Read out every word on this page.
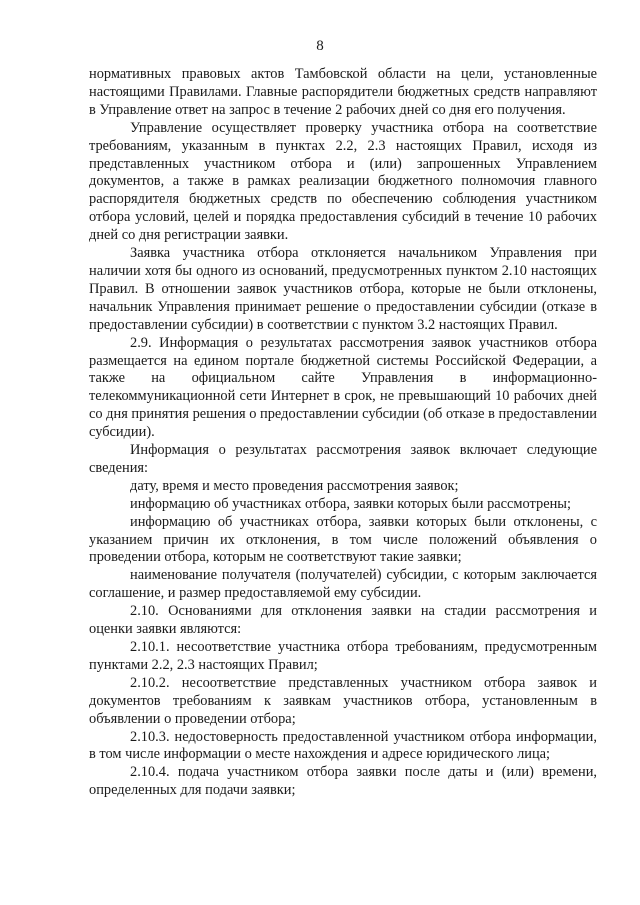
8

нормативных правовых актов Тамбовской области на цели, установленные настоящими Правилами. Главные распорядители бюджетных средств направляют в Управление ответ на запрос в течение 2 рабочих дней со дня его получения.

Управление осуществляет проверку участника отбора на соответствие требованиям, указанным в пунктах 2.2, 2.3 настоящих Правил, исходя из представленных участником отбора и (или) запрошенных Управлением документов, а также в рамках реализации бюджетного полномочия главного распорядителя бюджетных средств по обеспечению соблюдения участником отбора условий, целей и порядка предоставления субсидий в течение 10 рабочих дней со дня регистрации заявки.

Заявка участника отбора отклоняется начальником Управления при наличии хотя бы одного из оснований, предусмотренных пунктом 2.10 настоящих Правил. В отношении заявок участников отбора, которые не были отклонены, начальник Управления принимает решение о предоставлении субсидии (отказе в предоставлении субсидии) в соответствии с пунктом 3.2 настоящих Правил.

2.9. Информация о результатах рассмотрения заявок участников отбора размещается на едином портале бюджетной системы Российской Федерации, а также на официальном сайте Управления в информационно-телекоммуникационной сети Интернет в срок, не превышающий 10 рабочих дней со дня принятия решения о предоставлении субсидии (об отказе в предоставлении субсидии).

Информация о результатах рассмотрения заявок включает следующие сведения:

дату, время и место проведения рассмотрения заявок;

информацию об участниках отбора, заявки которых были рассмотрены;

информацию об участниках отбора, заявки которых были отклонены, с указанием причин их отклонения, в том числе положений объявления о проведении отбора, которым не соответствуют такие заявки;

наименование получателя (получателей) субсидии, с которым заключается соглашение, и размер предоставляемой ему субсидии.

2.10. Основаниями для отклонения заявки на стадии рассмотрения и оценки заявки являются:

2.10.1. несоответствие участника отбора требованиям, предусмотренным пунктами 2.2, 2.3 настоящих Правил;

2.10.2. несоответствие представленных участником отбора заявок и документов требованиям к заявкам участников отбора, установленным в объявлении о проведении отбора;

2.10.3. недостоверность предоставленной участником отбора информации, в том числе информации о месте нахождения и адресе юридического лица;

2.10.4. подача участником отбора заявки после даты и (или) времени, определенных для подачи заявки;
